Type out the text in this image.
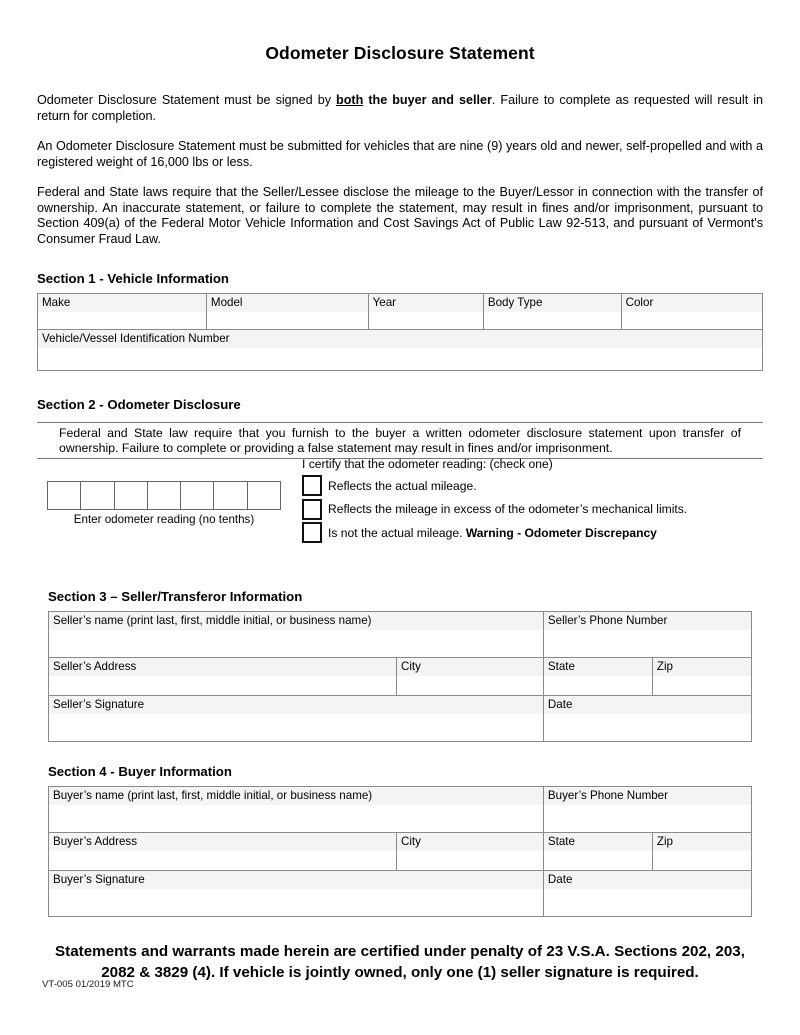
Odometer Disclosure Statement

Odometer Disclosure Statement must be signed by both the buyer and seller. Failure to complete as requested will result in return for completion.

An Odometer Disclosure Statement must be submitted for vehicles that are nine (9) years old and newer, self-propelled and with a registered weight of 16,000 lbs or less.

Federal and State laws require that the Seller/Lessee disclose the mileage to the Buyer/Lessor in connection with the transfer of ownership. An inaccurate statement, or failure to complete the statement, may result in fines and/or imprisonment, pursuant to Section 409(a) of the Federal Motor Vehicle Information and Cost Savings Act of Public Law 92-513, and pursuant of Vermont's Consumer Fraud Law.

Section 1 - Vehicle Information
Make	Model	Year	Body Type	Color

Vehicle/Vessel Identification Number
Section 2 - Odometer Disclosure

Federal and State law require that you furnish to the buyer a written odometer disclosure statement upon transfer of ownership. Failure to complete or providing a false statement may result in fines and/or imprisonment.

Enter odometer reading (no tenths)

I certify that the odometer reading: (check one)

Reflects the actual mileage.
Reflects the mileage in excess of the odometer’s mechanical limits.
Is not the actual mileage. Warning - Odometer Discrepancy
Section 3 – Seller/Transferor Information
Seller’s name (print last, first, middle initial, or business name)		Seller’s Phone Number	

Seller’s Address	City	State	Zip

Seller’s Signature		Date	
Section 4 - Buyer Information
Buyer’s name (print last, first, middle initial, or business name)		Buyer’s Phone Number	

Buyer’s Address	City	State	Zip

Buyer’s Signature		Date	

Statements and warrants made herein are certified under penalty of 23 V.S.A. Sections 202, 203, 2082 & 3829 (4). If vehicle is jointly owned, only one (1) seller signature is required.

VT-005 01/2019 MTC
